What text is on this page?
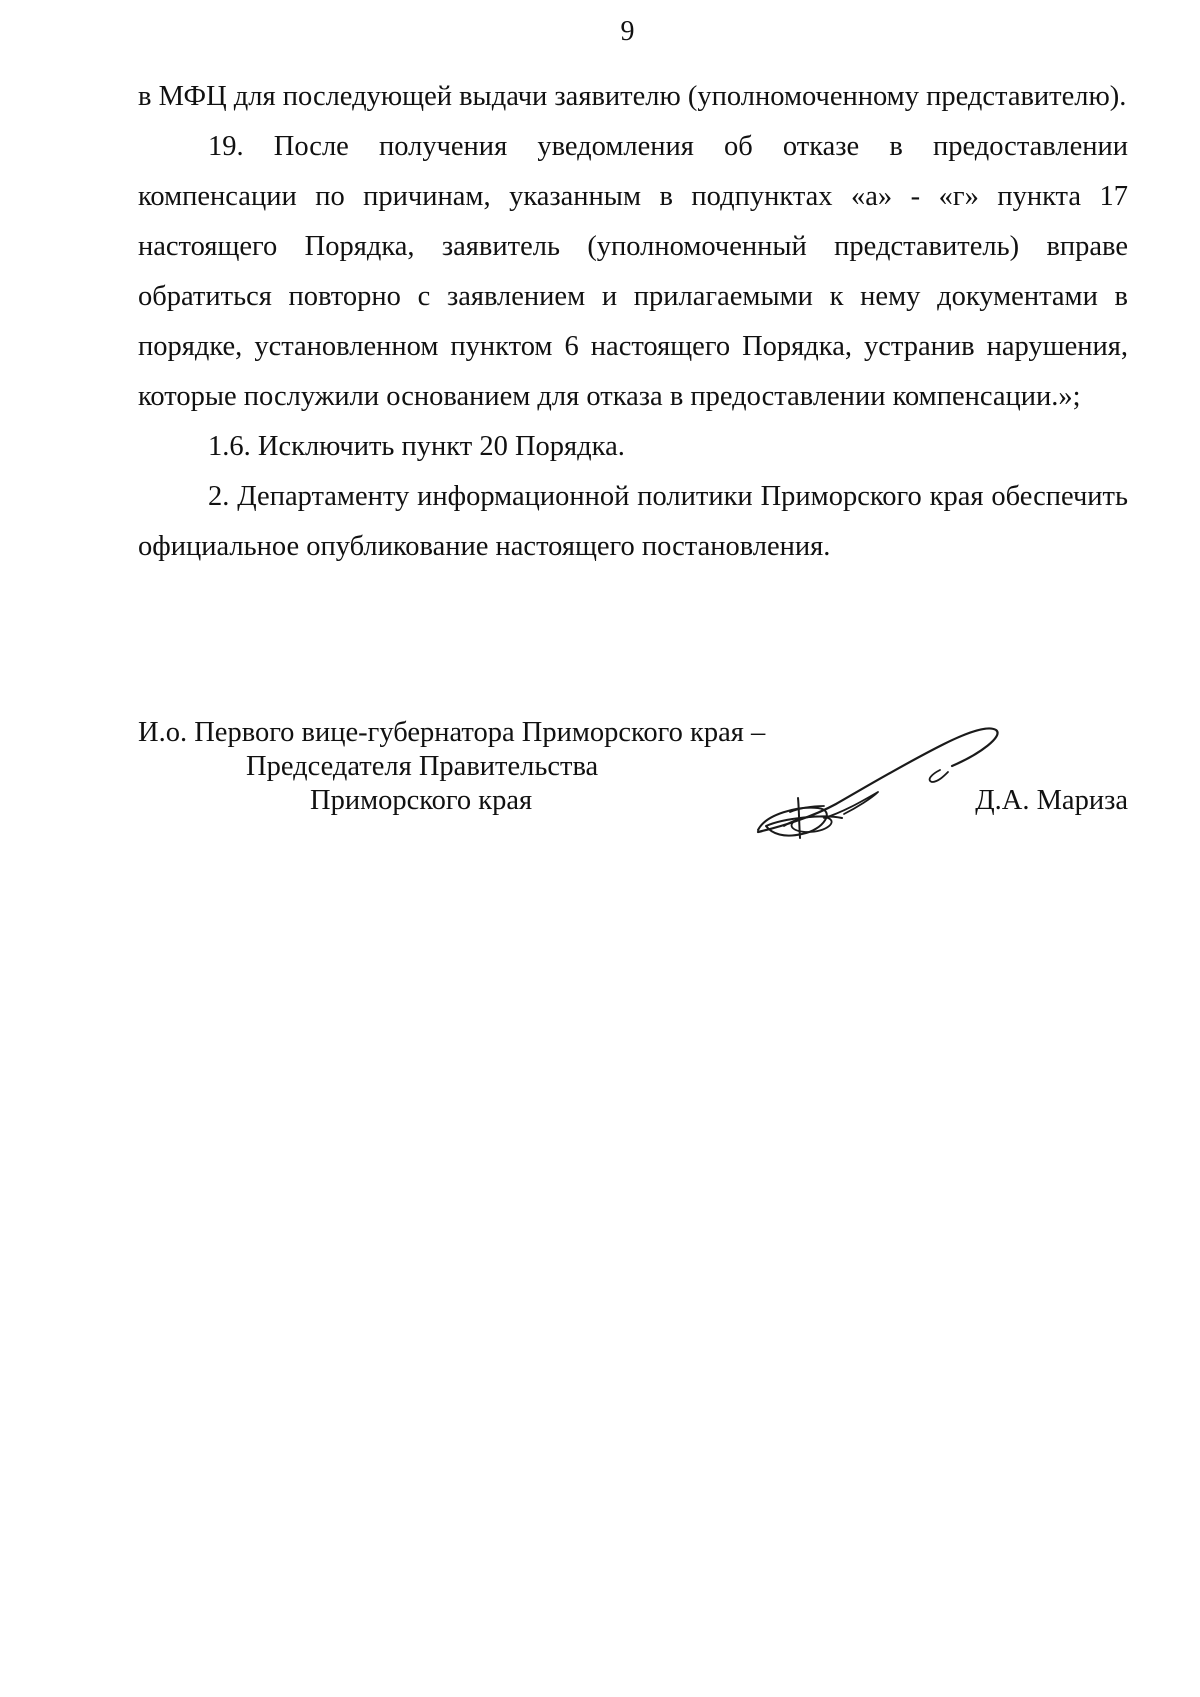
9

в МФЦ для последующей выдачи заявителю (уполномоченному представителю).

19. После получения уведомления об отказе в предоставлении компенсации по причинам, указанным в подпунктах «а» - «г» пункта 17 настоящего Порядка, заявитель (уполномоченный представитель) вправе обратиться повторно с заявлением и прилагаемыми к нему документами в порядке, установленном пунктом 6 настоящего Порядка, устранив нарушения, которые послужили основанием для отказа в предоставлении компенсации.»;

1.6. Исключить пункт 20 Порядка.

2. Департаменту информационной политики Приморского края обеспечить официальное опубликование настоящего постановления.

И.о. Первого вице-губернатора Приморского края –
Председателя Правительства
Приморского края	Д.А. Мариза
